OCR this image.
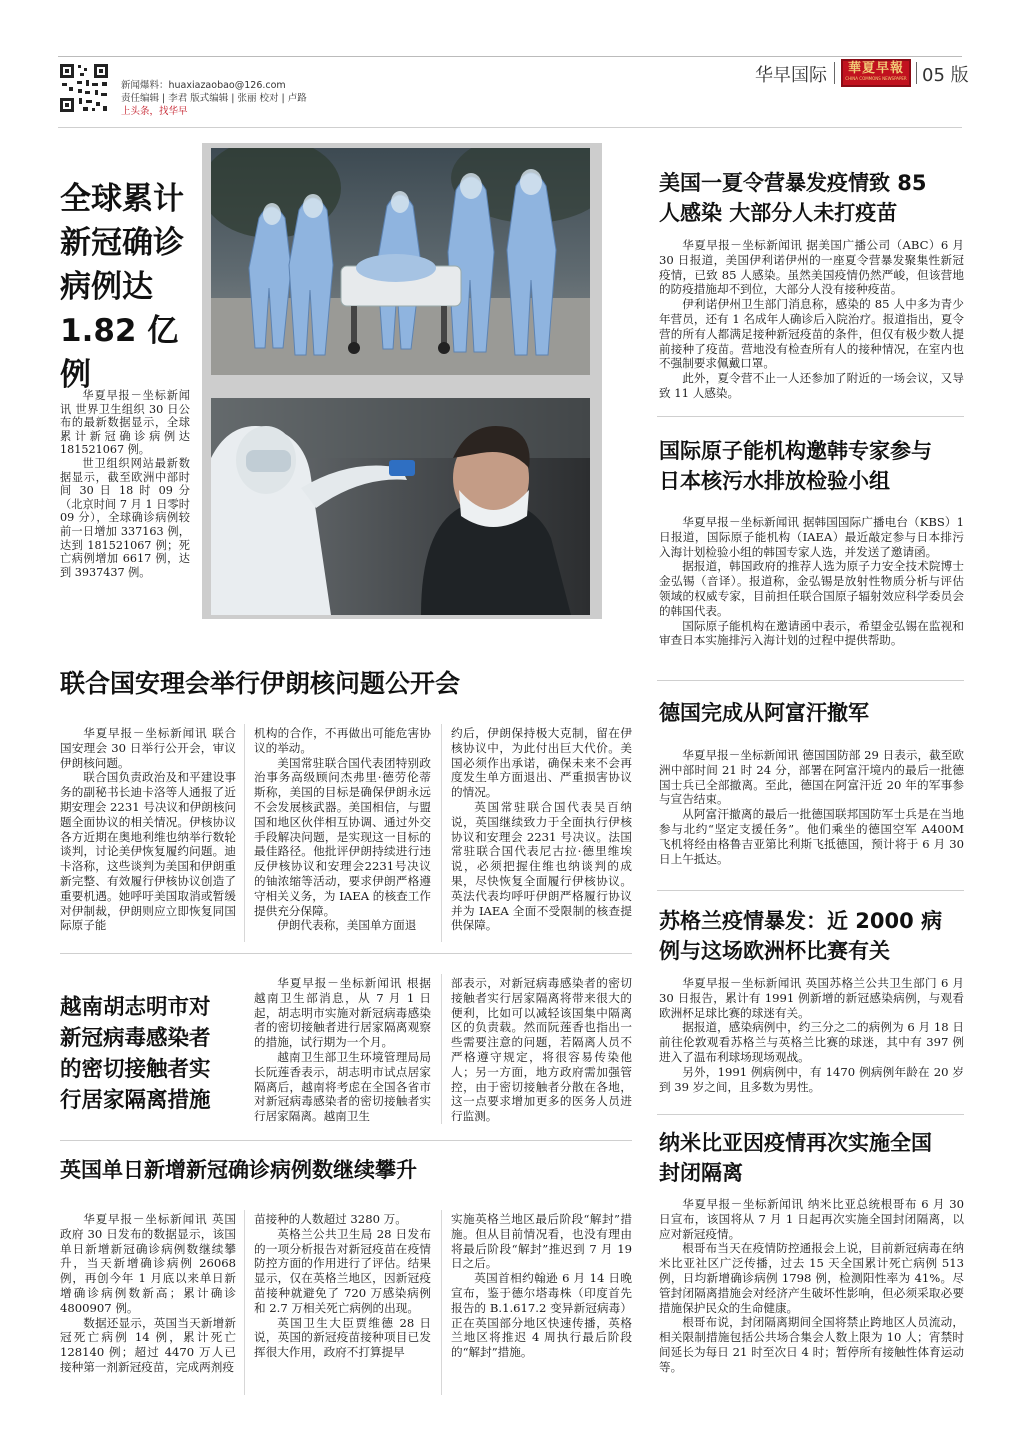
新闻爆料：huaxiazaobao@126.com
责任编辑 | 李君 版式编辑 | 张丽 校对 | 卢路
上头条，找华早
华早国际	華夏早報
CHINA COMMONS NEWSPAPER 05 版
全球累计
新冠确诊
病例达
1.82 亿
例

华夏早报－坐标新闻讯 世界卫生组织 30 日公布的最新数据显示，全球累计新冠确诊病例达 181521067 例。

世卫组织网站最新数据显示，截至欧洲中部时间 30 日 18 时 09 分（北京时间 7 月 1 日零时 09 分），全球确诊病例较前一日增加 337163 例，达到 181521067 例；死亡病例增加 6617 例，达到 3937437 例。

美国一夏令营暴发疫情致 85
人感染 大部分人未打疫苗

华夏早报－坐标新闻讯 据美国广播公司（ABC）6 月 30 日报道，美国伊利诺伊州的一座夏令营暴发聚集性新冠疫情，已致 85 人感染。虽然美国疫情仍然严峻，但该营地的防疫措施却不到位，大部分人没有接种疫苗。

伊利诺伊州卫生部门消息称，感染的 85 人中多为青少年营员，还有 1 名成年人确诊后入院治疗。报道指出，夏令营的所有人都满足接种新冠疫苗的条件，但仅有极少数人提前接种了疫苗。营地没有检查所有人的接种情况，在室内也不强制要求佩戴口罩。

此外，夏令营不止一人还参加了附近的一场会议，又导致 11 人感染。

国际原子能机构邀韩专家参与
日本核污水排放检验小组

华夏早报－坐标新闻讯 据韩国国际广播电台（KBS）1 日报道，国际原子能机构（IAEA）最近敲定参与日本排污入海计划检验小组的韩国专家人选，并发送了邀请函。

据报道，韩国政府的推荐人选为原子力安全技术院博士金弘锡（音译）。报道称，金弘锡是放射性物质分析与评估领域的权威专家，目前担任联合国原子辐射效应科学委员会的韩国代表。

国际原子能机构在邀请函中表示，希望金弘锡在监视和审查日本实施排污入海计划的过程中提供帮助。

联合国安理会举行伊朗核问题公开会

华夏早报－坐标新闻讯 联合国安理会 30 日举行公开会，审议伊朗核问题。

联合国负责政治及和平建设事务的副秘书长迪卡洛等人通报了近期安理会 2231 号决议和伊朗核问题全面协议的相关情况。伊核协议各方近期在奥地利维也纳举行数轮谈判，讨论美伊恢复履约问题。迪卡洛称，这些谈判为美国和伊朗重新完整、有效履行伊核协议创造了重要机遇。她呼吁美国取消或暂缓对伊制裁，伊朗则应立即恢复同国际原子能

机构的合作，不再做出可能危害协议的举动。

美国常驻联合国代表团特别政治事务高级顾问杰弗里·德劳伦蒂斯称，美国的目标是确保伊朗永远不会发展核武器。美国相信，与盟国和地区伙伴相互协调、通过外交手段解决问题，是实现这一目标的最佳路径。他批评伊朗持续进行违反伊核协议和安理会2231号决议的铀浓缩等活动，要求伊朗严格遵守相关义务，为 IAEA 的核查工作提供充分保障。

伊朗代表称，美国单方面退

约后，伊朗保持极大克制，留在伊核协议中，为此付出巨大代价。美国必须作出承诺，确保未来不会再度发生单方面退出、严重损害协议的情况。

英国常驻联合国代表吴百纳说，英国继续致力于全面执行伊核协议和安理会 2231 号决议。法国常驻联合国代表尼古拉·德里维埃说，必须把握住维也纳谈判的成果，尽快恢复全面履行伊核协议。英法代表均呼吁伊朗严格履行协议并为 IAEA 全面不受限制的核查提供保障。

越南胡志明市对
新冠病毒感染者
的密切接触者实
行居家隔离措施

华夏早报－坐标新闻讯 根据越南卫生部消息，从 7 月 1 日起，胡志明市实施对新冠病毒感染者的密切接触者进行居家隔离观察的措施，试行期为一个月。

越南卫生部卫生环境管理局局长阮莲香表示，胡志明市试点居家隔离后，越南将考虑在全国各省市对新冠病毒感染者的密切接触者实行居家隔离。越南卫生

部表示，对新冠病毒感染者的密切接触者实行居家隔离将带来很大的便利，比如可以减轻该国集中隔离区的负责载。然而阮莲香也指出一些需要注意的问题，若隔离人员不严格遵守规定，将很容易传染他人；另一方面，地方政府需加强管控，由于密切接触者分散在各地，这一点要求增加更多的医务人员进行监测。

英国单日新增新冠确诊病例数继续攀升

华夏早报－坐标新闻讯 英国政府 30 日发布的数据显示，该国单日新增新冠确诊病例数继续攀升，当天新增确诊病例 26068 例，再创今年 1 月底以来单日新增确诊病例数新高；累计确诊 4800907 例。

数据还显示，英国当天新增新冠死亡病例 14 例，累计死亡 128140 例；超过 4470 万人已接种第一剂新冠疫苗，完成两剂疫

苗接种的人数超过 3280 万。

英格兰公共卫生局 28 日发布的一项分析报告对新冠疫苗在疫情防控方面的作用进行了评估。结果显示，仅在英格兰地区，因新冠疫苗接种就避免了 720 万感染病例和 2.7 万相关死亡病例的出现。

英国卫生大臣贾维德 28 日说，英国的新冠疫苗接种项目已发挥很大作用，政府不打算提早

实施英格兰地区最后阶段“解封”措施。但从目前情况看，也没有理由将最后阶段“解封”推迟到 7 月 19 日之后。

英国首相约翰逊 6 月 14 日晚宣布，鉴于德尔塔毒株（印度首先报告的 B.1.617.2 变异新冠病毒）正在英国部分地区快速传播，英格兰地区将推迟 4 周执行最后阶段的“解封”措施。

德国完成从阿富汗撤军

华夏早报－坐标新闻讯 德国国防部 29 日表示，截至欧洲中部时间 21 时 24 分，部署在阿富汗境内的最后一批德国士兵已全部撤离。至此，德国在阿富汗近 20 年的军事参与宣告结束。

从阿富汗撤离的最后一批德国联邦国防军士兵是在当地参与北约“坚定支援任务”。他们乘坐的德国空军 A400M 飞机将经由格鲁吉亚第比利斯飞抵德国，预计将于 6 月 30 日上午抵达。

苏格兰疫情暴发：近 2000 病
例与这场欧洲杯比赛有关

华夏早报－坐标新闻讯 英国苏格兰公共卫生部门 6 月 30 日报告，累计有 1991 例新增的新冠感染病例，与观看欧洲杯足球比赛的球迷有关。

据报道，感染病例中，约三分之二的病例为 6 月 18 日前往伦敦观看苏格兰与英格兰比赛的球迷，其中有 397 例进入了温布利球场现场观战。

另外，1991 例病例中，有 1470 例病例年龄在 20 岁到 39 岁之间，且多数为男性。

纳米比亚因疫情再次实施全国
封闭隔离

华夏早报－坐标新闻讯 纳米比亚总统根哥布 6 月 30 日宣布，该国将从 7 月 1 日起再次实施全国封闭隔离，以应对新冠疫情。

根哥布当天在疫情防控通报会上说，目前新冠病毒在纳米比亚社区广泛传播，过去 15 天全国累计死亡病例 513 例，日均新增确诊病例 1798 例，检测阳性率为 41%。尽管封闭隔离措施会对经济产生破坏性影响，但必须采取必要措施保护民众的生命健康。

根哥布说，封闭隔离期间全国将禁止跨地区人员流动，相关限制措施包括公共场合集会人数上限为 10 人；宵禁时间延长为每日 21 时至次日 4 时；暂停所有接触性体育运动等。
